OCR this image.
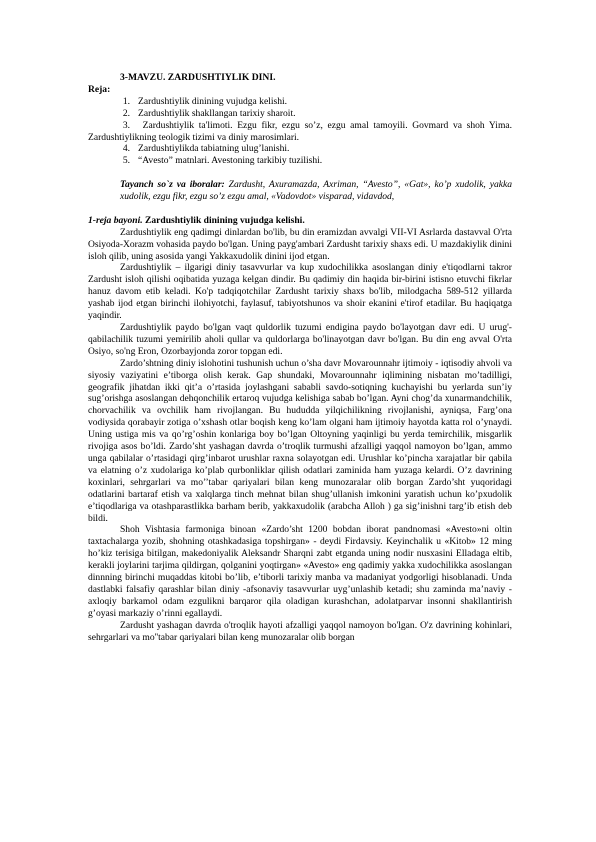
3-MAVZU. ZARDUSHTIYLIK DINI.

Reja:

1. Zardushtiylik dinining vujudga kelishi.
2. Zardushtiylik shakllangan tarixiy sharoit.
3. Zardushtiylik ta'limoti. Ezgu fikr, ezgu so’z, ezgu amal tamoyili. Govmard va shoh Yima. Zardushtiylikning teologik tizimi va diniy marosimlari.
4. Zardushtiylikda tabiatning ulug’lanishi.
5. “Avesto” matnlari. Avestoning tarkibiy tuzilishi.
Tayanch so`z va iboralar: Zardusht, Axuramazda, Axriman, “Avesto”, «Gat», ko’p xudolik, yakka xudolik, ezgu fikr, ezgu so’z ezgu amal, «Vadovdot» visparad, vidavdod,

1-reja bayoni. Zardushtiylik dinining vujudga kelishi.

Zardushtiylik eng qadimgi dinlardan bo'lib, bu din eramizdan avvalgi VII-VI Asrlarda dastavval O'rta Osiyoda-Xorazm vohasida paydo bo'lgan. Uning payg'ambari Zardusht tarixiy shaxs edi. U mazdakiylik dinini isloh qilib, uning asosida yangi Yakkaxudolik dinini ijod etgan.

Zardushtiylik – ilgarigi diniy tasavvurlar va kup xudochilikka asoslangan diniy e'tiqodlarni takror Zardusht isloh qilishi oqibatida yuzaga kelgan dindir. Bu qadimiy din haqida bir-birini istisno etuvchi fikrlar hanuz davom etib keladi. Ko'p tadqiqotchilar Zardusht tarixiy shaxs bo'lib, milodgacha 589-512 yillarda yashab ijod etgan birinchi ilohiyotchi, faylasuf, tabiyotshunos va shoir ekanini e'tirof etadilar. Bu haqiqatga yaqindir.

Zardushtiylik paydo bo'lgan vaqt quldorlik tuzumi endigina paydo bo'layotgan davr edi. U urug'-qabilachilik tuzumi yemirilib aholi qullar va quldorlarga bo'linayotgan davr bo'lgan. Bu din eng avval O'rta Osiyo, so'ng Eron, Ozorbayjonda zoror topgan edi.

Zardo’shtning diniy islohotini tushunish uchun o’sha davr Movarounnahr ijtimoiy - iqtisodiy ahvoli va siyosiy vaziyatini e’tiborga olish kerak. Gap shundaki, Movarounnahr iqlimining nisbatan mo’tadilligi, geografik jihatdan ikki qit’a o’rtasida joylashgani sababli savdo-sotiqning kuchayishi bu yerlarda sun’iy sug’orishga asoslangan dehqonchilik ertaroq vujudga kelishiga sabab bo’lgan. Ayni chog’da xunarmandchilik, chorvachilik va ovchilik ham rivojlangan. Bu hududda yilqichilikning rivojlanishi, ayniqsa, Farg’ona vodiysida qorabayir zotiga o’xshash otlar boqish keng ko’lam olgani ham ijtimoiy hayotda katta rol o’ynaydi. Uning ustiga mis va qo’rg’oshin konlariga boy bo’lgan Oltoyning yaqinligi bu yerda temirchilik, misgarlik rivojiga asos bo’ldi. Zardo’sht yashagan davrda o’troqlik turmushi afzalligi yaqqol namoyon bo’lgan, ammo unga qabilalar o’rtasidagi qirg’inbarot urushlar raxna solayotgan edi. Urushlar ko’pincha xarajatlar bir qabila va elatning o’z xudolariga ko’plab qurbonliklar qilish odatlari zaminida ham yuzaga kelardi. O’z davrining koxinlari, sehrgarlari va mo’’tabar qariyalari bilan keng munozaralar olib borgan Zardo’sht yuqoridagi odatlarini bartaraf etish va xalqlarga tinch mehnat bilan shug’ullanish imkonini yaratish uchun ko’pxudolik e’tiqodlariga va otashparastlikka barham berib, yakkaxudolik (arabcha Alloh ) ga sig’inishni targ’ib etish deb bildi.

Shoh Vishtasia farmoniga binoan «Zardo’sht 1200 bobdan iborat pandnomasi «Avesto»ni oltin taxtachalarga yozib, shohning otashkadasiga topshirgan» - deydi Firdavsiy. Keyinchalik u «Kitob» 12 ming ho’kiz terisiga bitilgan, makedoniyalik Aleksandr Sharqni zabt etganda uning nodir nusxasini Elladaga eltib, kerakli joylarini tarjima qildirgan, qolganini yoqtirgan» «Avesto» eng qadimiy yakka xudochilikka asoslangan dinnning birinchi muqaddas kitobi bo’lib, e’tiborli tarixiy manba va madaniyat yodgorligi hisoblanadi. Unda dastlabki falsafiy qarashlar bilan diniy -afsonaviy tasavvurlar uyg’unlashib ketadi; shu zaminda ma’naviy - axloqiy barkamol odam ezgulikni barqaror qila oladigan kurashchan, adolatparvar insonni shakllantirish g’oyasi markaziy o’rinni egallaydi.

Zardusht yashagan davrda o'troqlik hayoti afzalligi yaqqol namoyon bo'lgan. O'z davrining kohinlari, sehrgarlari va mo''tabar qariyalari bilan keng munozaralar olib borgan
